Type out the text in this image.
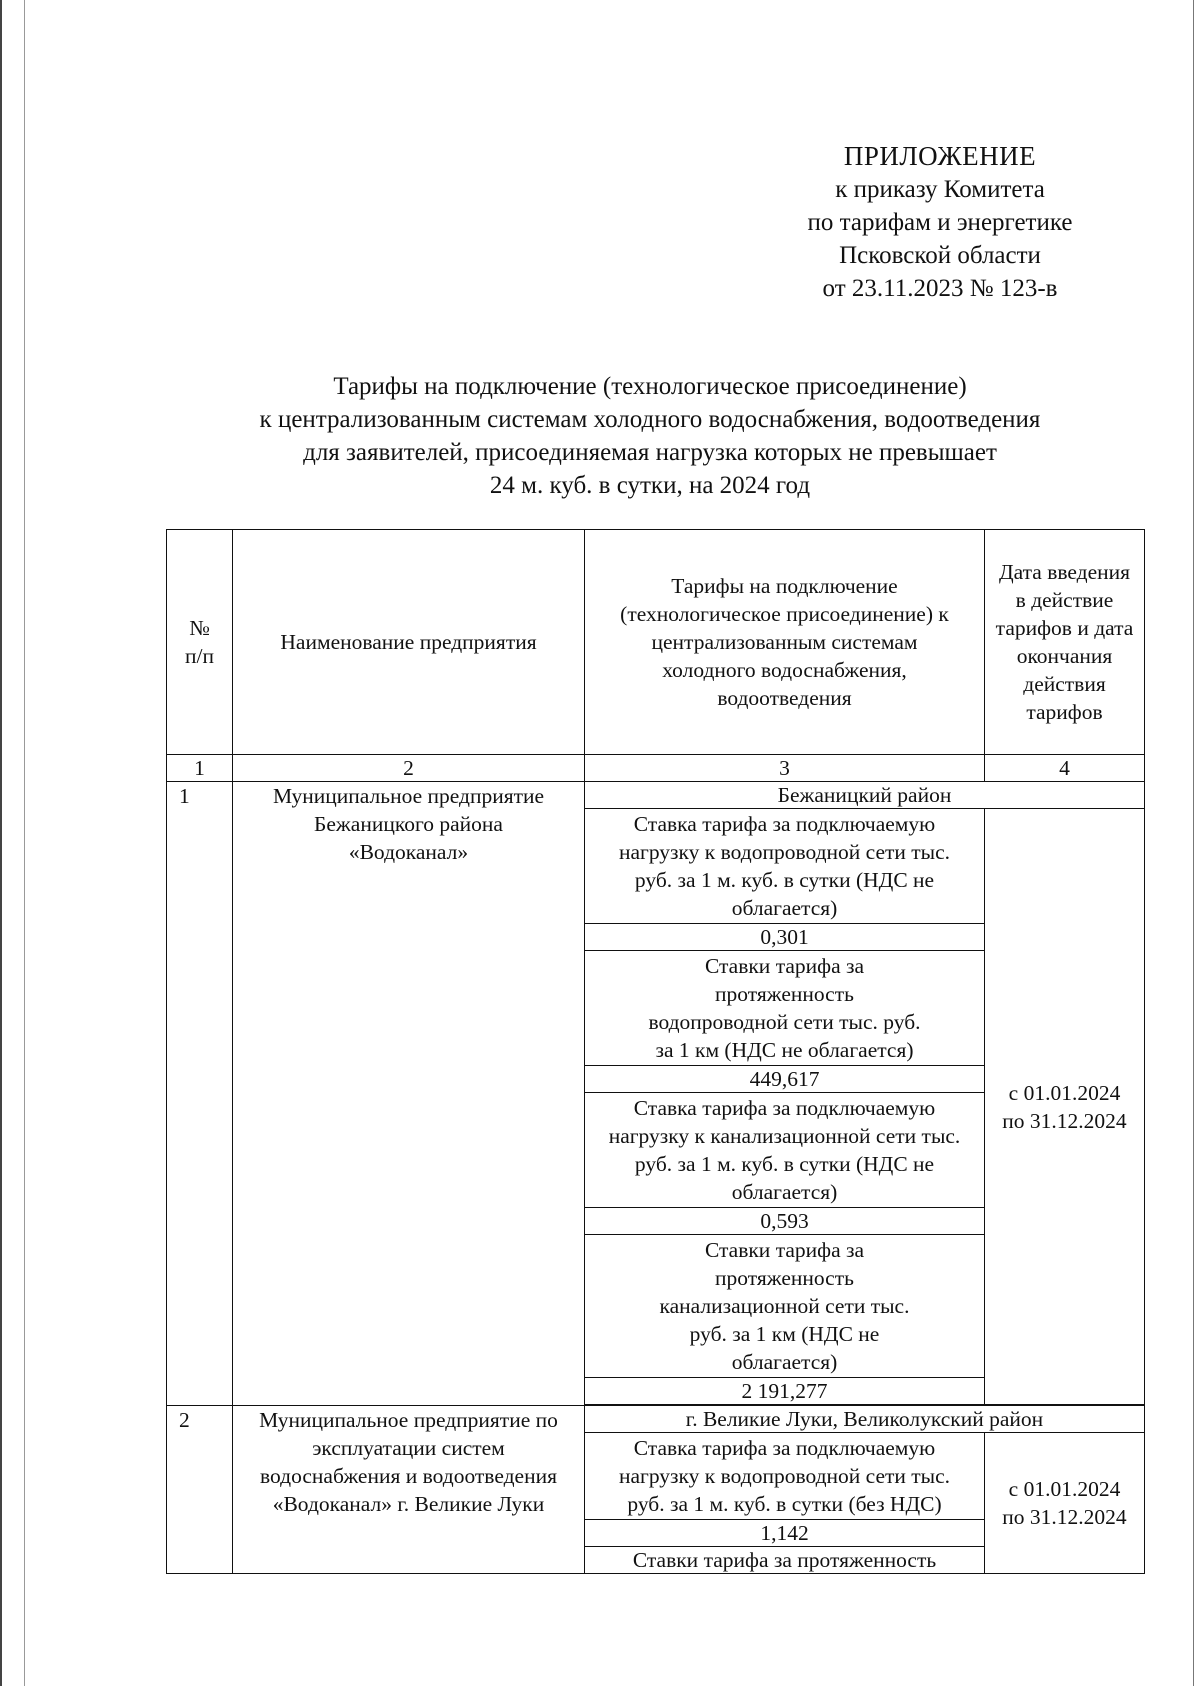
ПРИЛОЖЕНИЕ
к приказу Комитета
по тарифам и энергетике
Псковской области
от 23.11.2023 № 123-в
Тарифы на подключение (технологическое присоединение)
к централизованным системам холодного водоснабжения, водоотведения
для заявителей, присоединяемая нагрузка которых не превышает
24 м. куб. в сутки, на 2024 год
№ п/п	Наименование предприятия	Тарифы на подключение (технологическое присоединение) к централизованным системам холодного водоснабжения, водоотведения	Дата введения в действие тарифов и дата окончания действия тарифов
1	2	3	4
1	Муниципальное предприятие Бежаницкого района «Водоканал»	Бежаницкий район	
		Ставка тарифа за подключаемую нагрузку к водопроводной сети тыс. руб. за 1 м. куб. в сутки (НДС не облагается)	с 01.01.2024 по 31.12.2024
		0,301	
		Ставки тарифа за протяженность водопроводной сети тыс. руб. за 1 км (НДС не облагается)	
		449,617	
		Ставка тарифа за подключаемую нагрузку к канализационной сети тыс. руб. за 1 м. куб. в сутки (НДС не облагается)	
		0,593	
		Ставки тарифа за протяженность канализационной сети тыс. руб. за 1 км (НДС не облагается)	
		2 191,277	

2	Муниципальное предприятие по эксплуатации систем водоснабжения и водоотведения «Водоканал» г. Великие Луки	г. Великие Луки, Великолукский район	
		Ставка тарифа за подключаемую нагрузку к водопроводной сети тыс. руб. за 1 м. куб. в сутки (без НДС)	с 01.01.2024 по 31.12.2024
		1,142	
		Ставки тарифа за протяженность	
